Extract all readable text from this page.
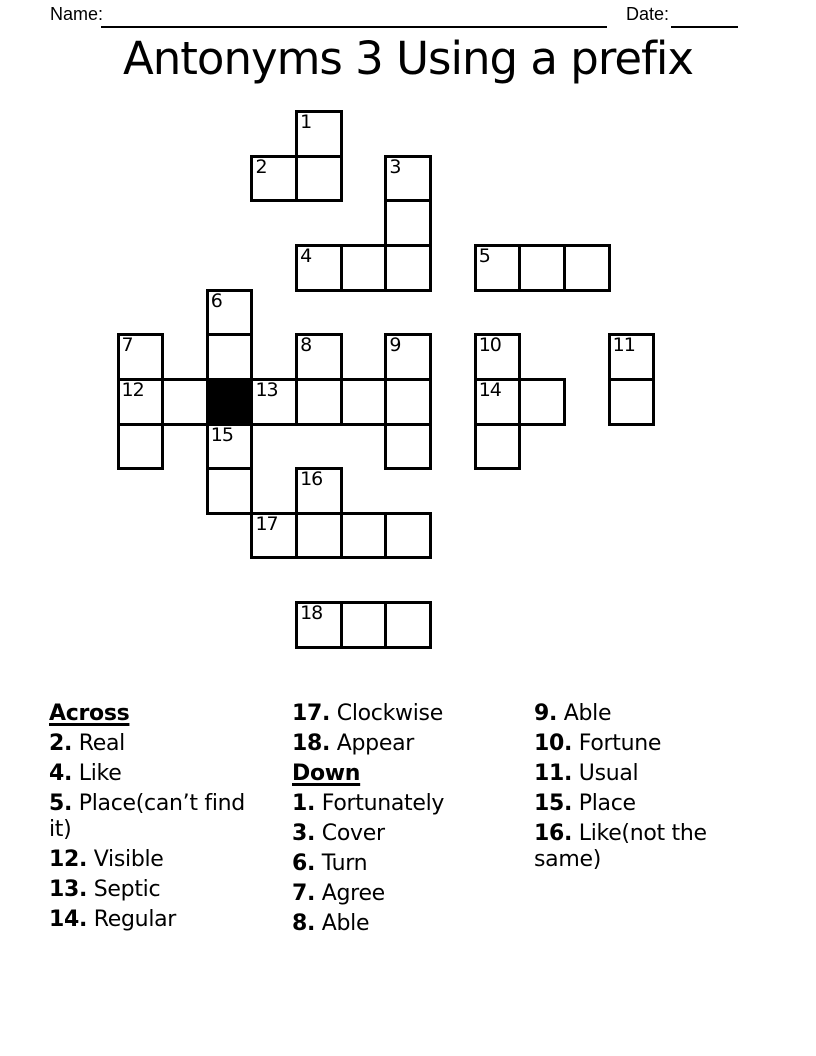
Name:	Date:
Antonyms 3 Using a prefix
1
2	3
4	5
6
7	8	9	10	11
12	13	14
15
16
17
18
Across
2. Real
4. Like
5. Place(can’t find it)
12. Visible
13. Septic
14. Regular
17. Clockwise
18. Appear
Down
1. Fortunately
3. Cover
6. Turn
7. Agree
8. Able
9. Able
10. Fortune
11. Usual
15. Place
16. Like(not the same)
